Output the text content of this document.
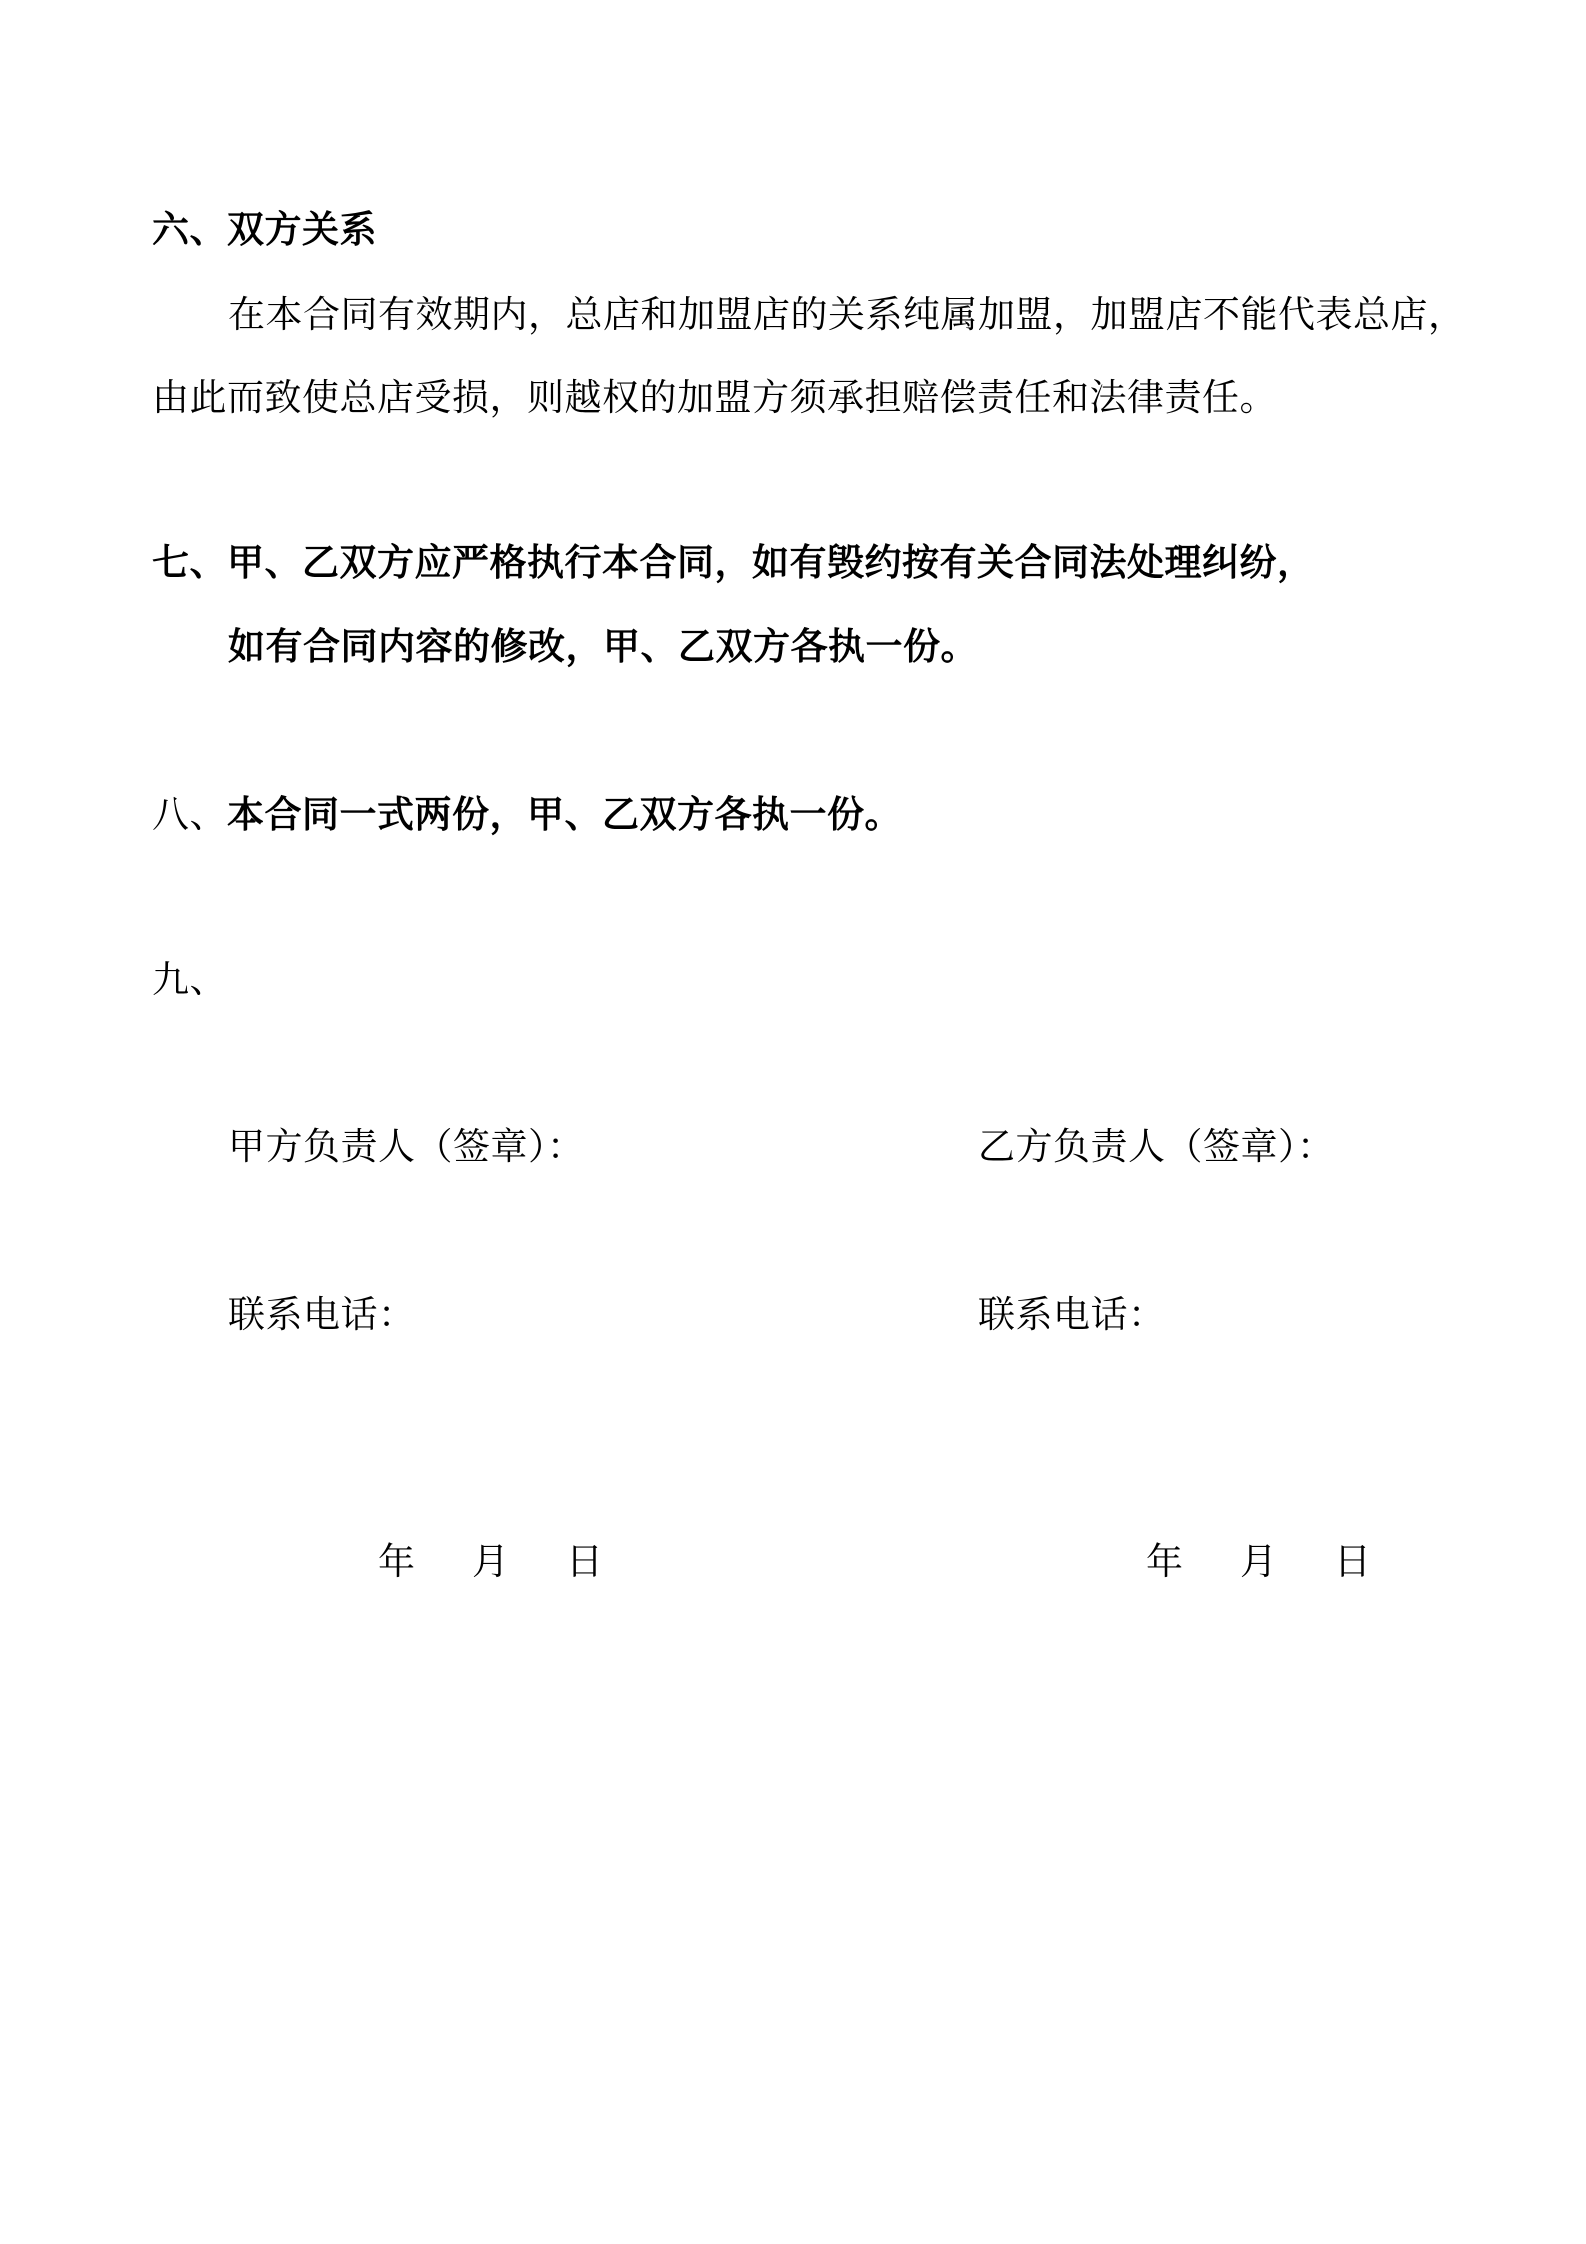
六、双方关系
在本合同有效期内，总店和加盟店的关系纯属加盟，加盟店不能代表总店，
由此而致使总店受损，则越权的加盟方须承担赔偿责任和法律责任。
七、甲、乙双方应严格执行本合同，如有毁约按有关合同法处理纠纷，
如有合同内容的修改，甲、乙双方各执一份。
八、本合同一式两份，甲、乙双方各执一份。
九、
甲方负责人（签章）：	乙方负责人（签章）：
联系电话：	联系电话：
年 月 日	年 月 日
